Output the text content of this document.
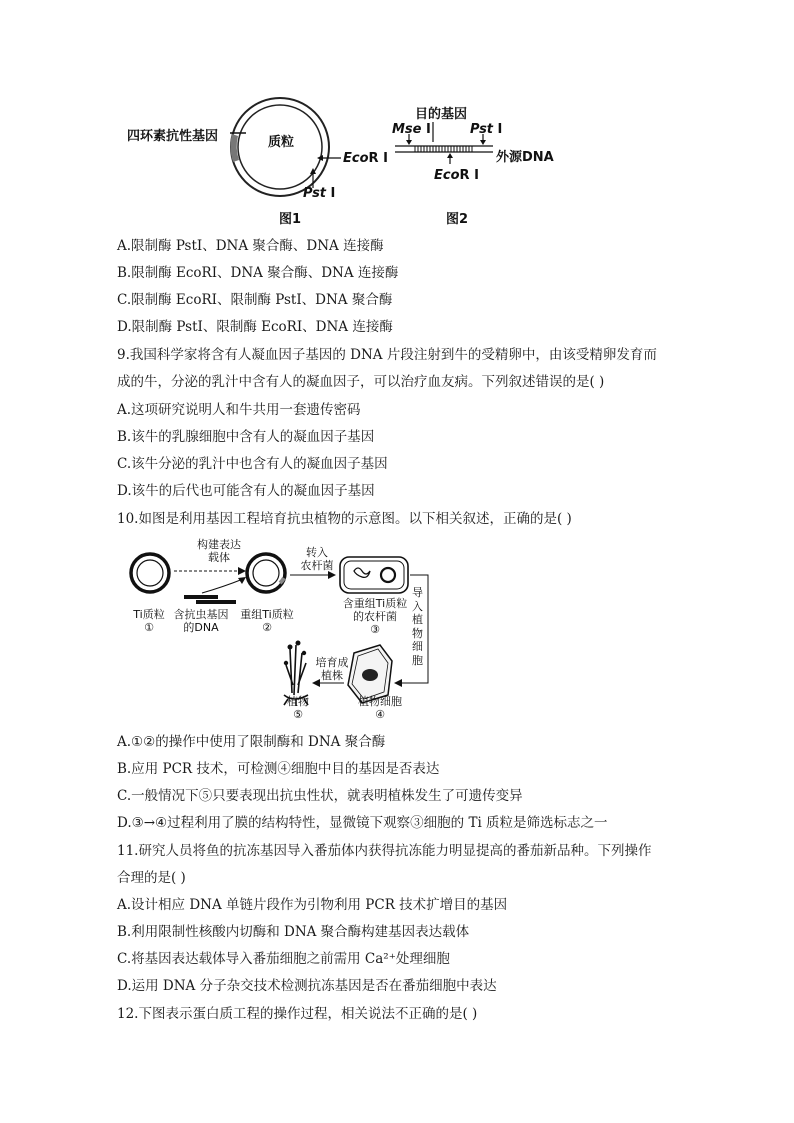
质粒
四环素抗性基因
EcoR Ⅰ
Pst Ⅰ
图1
目的基因
Mse Ⅰ	Pst Ⅰ
外源DNA
EcoR Ⅰ
图2
A.限制酶 PstⅠ、DNA 聚合酶、DNA 连接酶
B.限制酶 EcoRⅠ、DNA 聚合酶、DNA 连接酶
C.限制酶 EcoRⅠ、限制酶 PstⅠ、DNA 聚合酶
D.限制酶 PstⅠ、限制酶 EcoRⅠ、DNA 连接酶
9.我国科学家将含有人凝血因子基因的 DNA 片段注射到牛的受精卵中，由该受精卵发育而
成的牛，分泌的乳汁中含有人的凝血因子，可以治疗血友病。下列叙述错误的是( )
A.这项研究说明人和牛共用一套遗传密码
B.该牛的乳腺细胞中含有人的凝血因子基因
C.该牛分泌的乳汁中也含有人的凝血因子基因
D.该牛的后代也可能含有人的凝血因子基因
10.如图是利用基因工程培育抗虫植物的示意图。以下相关叙述，正确的是( )
构建表达
载体	转入
农杆菌
导入植物细胞
培育成
植株
Ti质粒
①
含抗虫基因
的DNA
重组Ti质粒
②
含重组Ti质粒
的农杆菌
③
植物细胞
④
植物
⑤
A.①②的操作中使用了限制酶和 DNA 聚合酶
B.应用 PCR 技术，可检测④细胞中目的基因是否表达
C.一般情况下⑤只要表现出抗虫性状，就表明植株发生了可遗传变异
D.③→④过程利用了膜的结构特性，显微镜下观察③细胞的 Ti 质粒是筛选标志之一
11.研究人员将鱼的抗冻基因导入番茄体内获得抗冻能力明显提高的番茄新品种。下列操作
合理的是( )
A.设计相应 DNA 单链片段作为引物利用 PCR 技术扩增目的基因
B.利用限制性核酸内切酶和 DNA 聚合酶构建基因表达载体
C.将基因表达载体导入番茄细胞之前需用 Ca²⁺处理细胞
D.运用 DNA 分子杂交技术检测抗冻基因是否在番茄细胞中表达
12.下图表示蛋白质工程的操作过程，相关说法不正确的是( )
